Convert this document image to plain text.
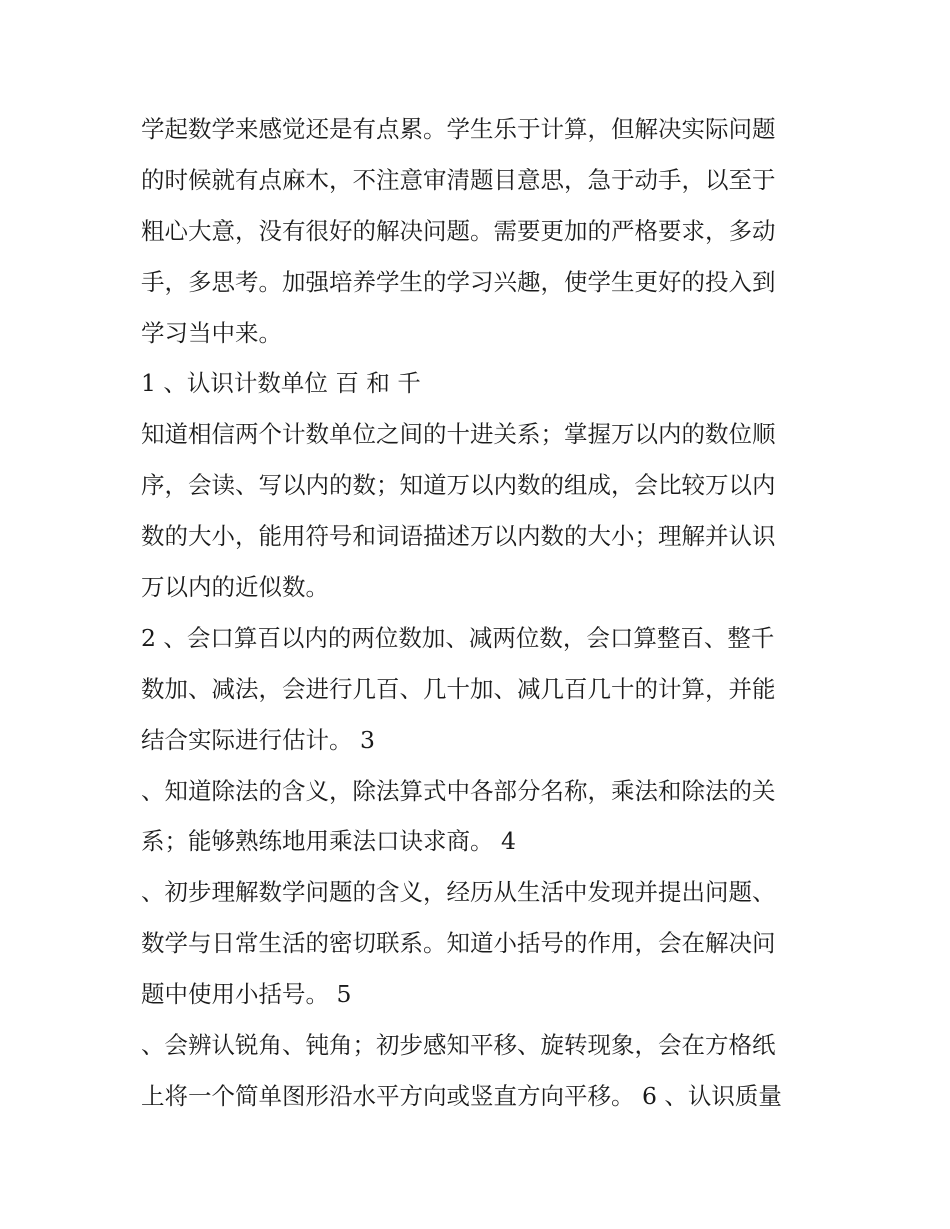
学起数学来感觉还是有点累。学生乐于计算，但解决实际问题
的时候就有点麻木，不注意审清题目意思，急于动手，以至于
粗心大意，没有很好的解决问题。需要更加的严格要求，多动
手，多思考。加强培养学生的学习兴趣，使学生更好的投入到
学习当中来。
1 、认识计数单位 百 和 千
知道相信两个计数单位之间的十进关系；掌握万以内的数位顺
序，会读、写以内的数；知道万以内数的组成，会比较万以内
数的大小，能用符号和词语描述万以内数的大小；理解并认识
万以内的近似数。
2 、会口算百以内的两位数加、减两位数，会口算整百、整千
数加、减法，会进行几百、几十加、减几百几十的计算，并能
结合实际进行估计。 3
、知道除法的含义，除法算式中各部分名称，乘法和除法的关
系；能够熟练地用乘法口诀求商。 4
、初步理解数学问题的含义，经历从生活中发现并提出问题、
数学与日常生活的密切联系。知道小括号的作用，会在解决问
题中使用小括号。 5
、会辨认锐角、钝角；初步感知平移、旋转现象，会在方格纸
上将一个简单图形沿水平方向或竖直方向平移。 6 、认识质量
